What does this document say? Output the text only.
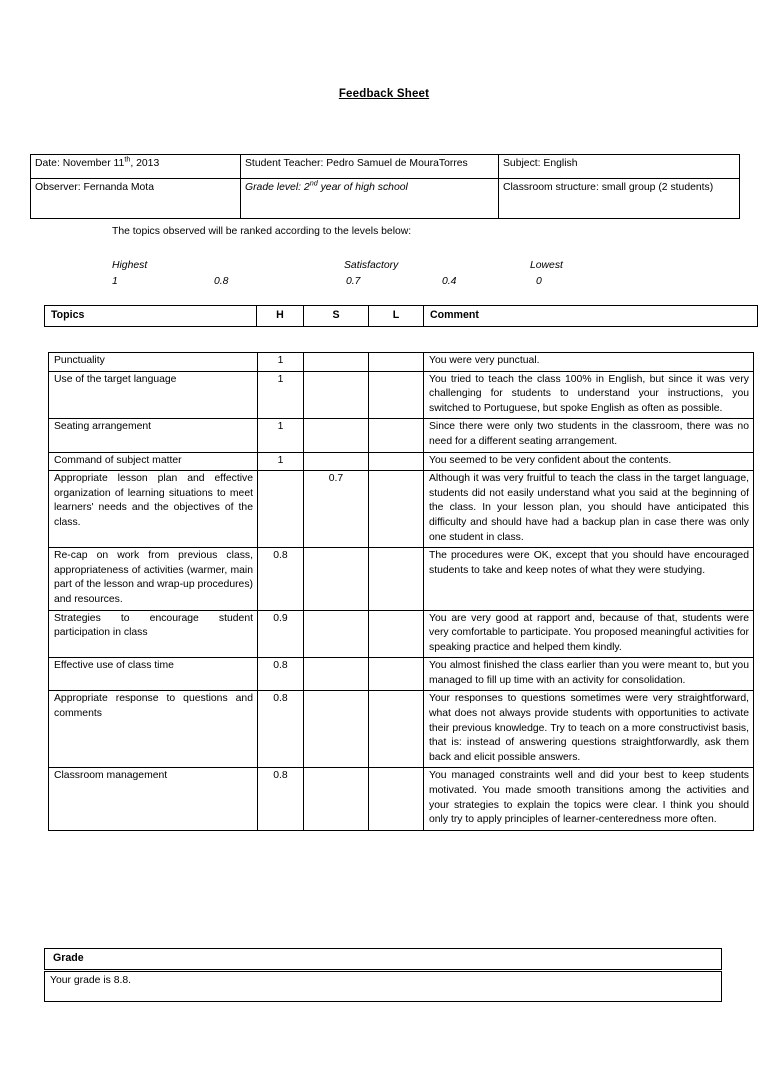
Feedback Sheet
Date: November 11th, 2013	Student Teacher: Pedro Samuel de MouraTorres	Subject: English
Observer: Fernanda Mota	Grade level: 2nd year of high school	Classroom structure: small group (2 students)
The topics observed will be ranked according to the levels below:
Highest	Satisfactory	Lowest
1	0.8	0.7	0.4	0
Topics	H	S	L	Comment
Punctuality	1			You were very punctual.
Use of the target language	1			You tried to teach the class 100% in English, but since it was very challenging for students to understand your instructions, you switched to Portuguese, but spoke English as often as possible.
Seating arrangement	1			Since there were only two students in the classroom, there was no need for a different seating arrangement.
Command of subject matter	1			You seemed to be very confident about the contents.
Appropriate lesson plan and effective organization of learning situations to meet learners' needs and the objectives of the class.		0.7		Although it was very fruitful to teach the class in the target language, students did not easily understand what you said at the beginning of the class. In your lesson plan, you should have anticipated this difficulty and should have had a backup plan in case there was only one student in class.
Re-cap on work from previous class, appropriateness of activities (warmer, main part of the lesson and wrap-up procedures) and resources.	0.8			The procedures were OK, except that you should have encouraged students to take and keep notes of what they were studying.
Strategies to encourage student participation in class	0.9			You are very good at rapport and, because of that, students were very comfortable to participate. You proposed meaningful activities for speaking practice and helped them kindly.
Effective use of class time	0.8			You almost finished the class earlier than you were meant to, but you managed to fill up time with an activity for consolidation.
Appropriate response to questions and comments	0.8			Your responses to questions sometimes were very straightforward, what does not always provide students with opportunities to activate their previous knowledge. Try to teach on a more constructivist basis, that is: instead of answering questions straightforwardly, ask them back and elicit possible answers.
Classroom management	0.8			You managed constraints well and did your best to keep students motivated. You made smooth transitions among the activities and your strategies to explain the topics were clear. I think you should only try to apply principles of learner-centeredness more often.
Grade
Your grade is 8.8.
